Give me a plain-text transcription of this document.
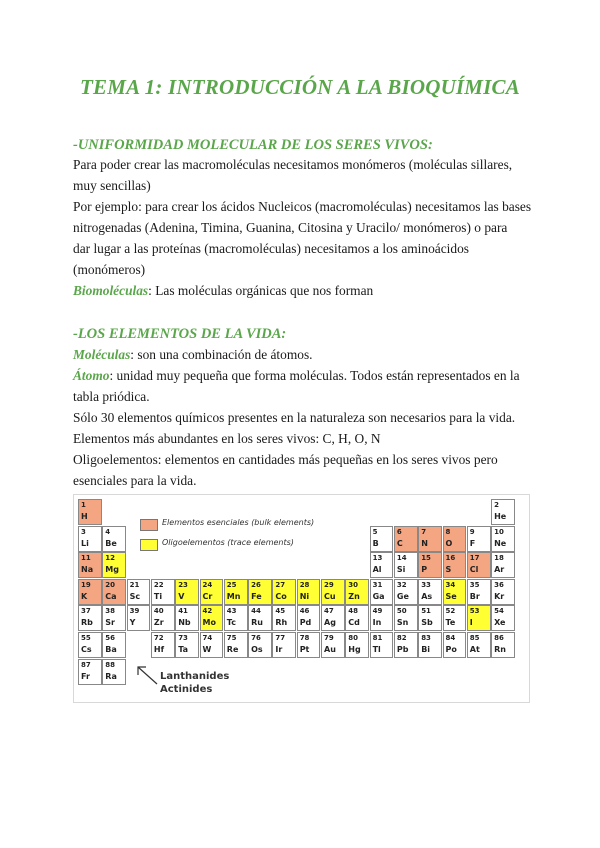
TEMA 1: INTRODUCCIÓN A LA BIOQUÍMICA
-UNIFORMIDAD MOLECULAR DE LOS SERES VIVOS:
Para poder crear las macromoléculas necesitamos monómeros (moléculas sillares,
muy sencillas)
Por ejemplo: para crear los ácidos Nucleicos (macromoléculas) necesitamos las bases
nitrogenadas (Adenina, Timina, Guanina, Citosina y Uracilo/ monómeros) o para
dar lugar a las proteínas (macromoléculas) necesitamos a los aminoácidos
(monómeros)
Biomoléculas: Las moléculas orgánicas que nos forman
-LOS ELEMENTOS DE LA VIDA:
Moléculas: son una combinación de átomos.
Átomo: unidad muy pequeña que forma moléculas. Todos están representados en la
tabla priódica.
Sólo 30 elementos químicos presentes en la naturaleza son necesarios para la vida.
Elementos más abundantes en los seres vivos: C, H, O, N
Oligoelementos: elementos en cantidades más pequeñas en los seres vivos pero
esenciales para la vida.
Elementos esenciales (bulk elements)
Oligoelementos (trace elements)
Lanthanides
Actinides
1
H
2
He
3
Li
4
Be
5
B
6
C
7
N
8
O
9
F
10
Ne
11
Na
12
Mg
13
Al
14
Si
15
P
16
S
17
Cl
18
Ar
19
K
20
Ca
21
Sc
22
Ti
23
V
24
Cr
25
Mn
26
Fe
27
Co
28
Ni
29
Cu
30
Zn
31
Ga
32
Ge
33
As
34
Se
35
Br
36
Kr
37
Rb
38
Sr
39
Y
40
Zr
41
Nb
42
Mo
43
Tc
44
Ru
45
Rh
46
Pd
47
Ag
48
Cd
49
In
50
Sn
51
Sb
52
Te
53
I
54
Xe
55
Cs
56
Ba
72
Hf
73
Ta
74
W
75
Re
76
Os
77
Ir
78
Pt
79
Au
80
Hg
81
Tl
82
Pb
83
Bi
84
Po
85
At
86
Rn
87
Fr
88
Ra
